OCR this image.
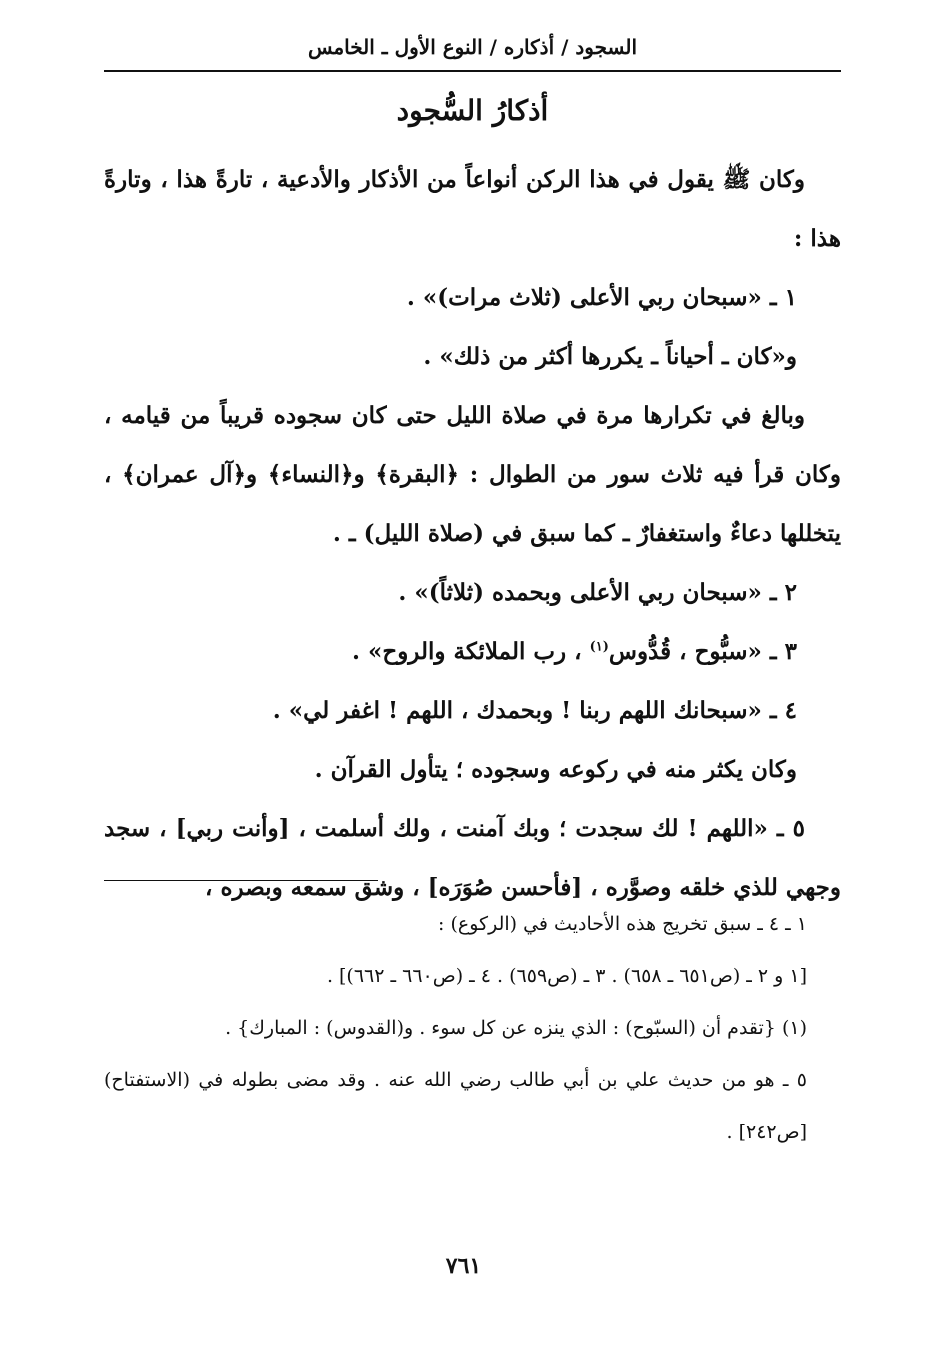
السجود / أذكاره / النوع الأول ـ الخامس
أذكارُ السُّجود

وكان ﷺ يقول في هذا الركن أنواعاً من الأذكار والأدعية ، تارةً هذا ، وتارةً هذا :

١ ـ «سبحان ربي الأعلى (ثلاث مرات)» .

و«كان ـ أحياناً ـ يكررها أكثر من ذلك» .

وبالغ في تكرارها مرة في صلاة الليل حتى كان سجوده قريباً من قيامه ، وكان قرأ فيه ثلاث سور من الطوال : ﴿البقرة﴾ و﴿النساء﴾ و﴿آل عمران﴾ ، يتخللها دعاءٌ واستغفارٌ ـ كما سبق في (صلاة الليل) ـ .

٢ ـ «سبحان ربي الأعلى وبحمده (ثلاثاً)» .

٣ ـ «سبُّوح ، قُدُّوس$^{(١)}$ ، رب الملائكة والروح» .

٤ ـ «سبحانك اللهم ربنا ! وبحمدك ، اللهم ! اغفر لي» .

وكان يكثر منه في ركوعه وسجوده ؛ يتأول القرآن .

٥ ـ «اللهم ! لك سجدت ؛ وبك آمنت ، ولك أسلمت ، [وأنت ربي] ، سجد وجهي للذي خلقه وصوَّره ، [فأحسن صُوَرَه] ، وشق سمعه وبصره ،

١ ـ ٤ ـ سبق تخريج هذه الأحاديث في (الركوع) :

[١ و ٢ ـ (ص٦٥١ ـ ٦٥٨) . ٣ ـ (ص٦٥٩) . ٤ ـ (ص٦٦٠ ـ ٦٦٢)] .

(١) {تقدم أن (السبّوح) : الذي ينزه عن كل سوء . و(القدوس) : المبارك} .

٥ ـ هو من حديث علي بن أبي طالب رضي الله عنه . وقد مضى بطوله في (الاستفتاح) [ص٢٤٢] .

٧٦١
